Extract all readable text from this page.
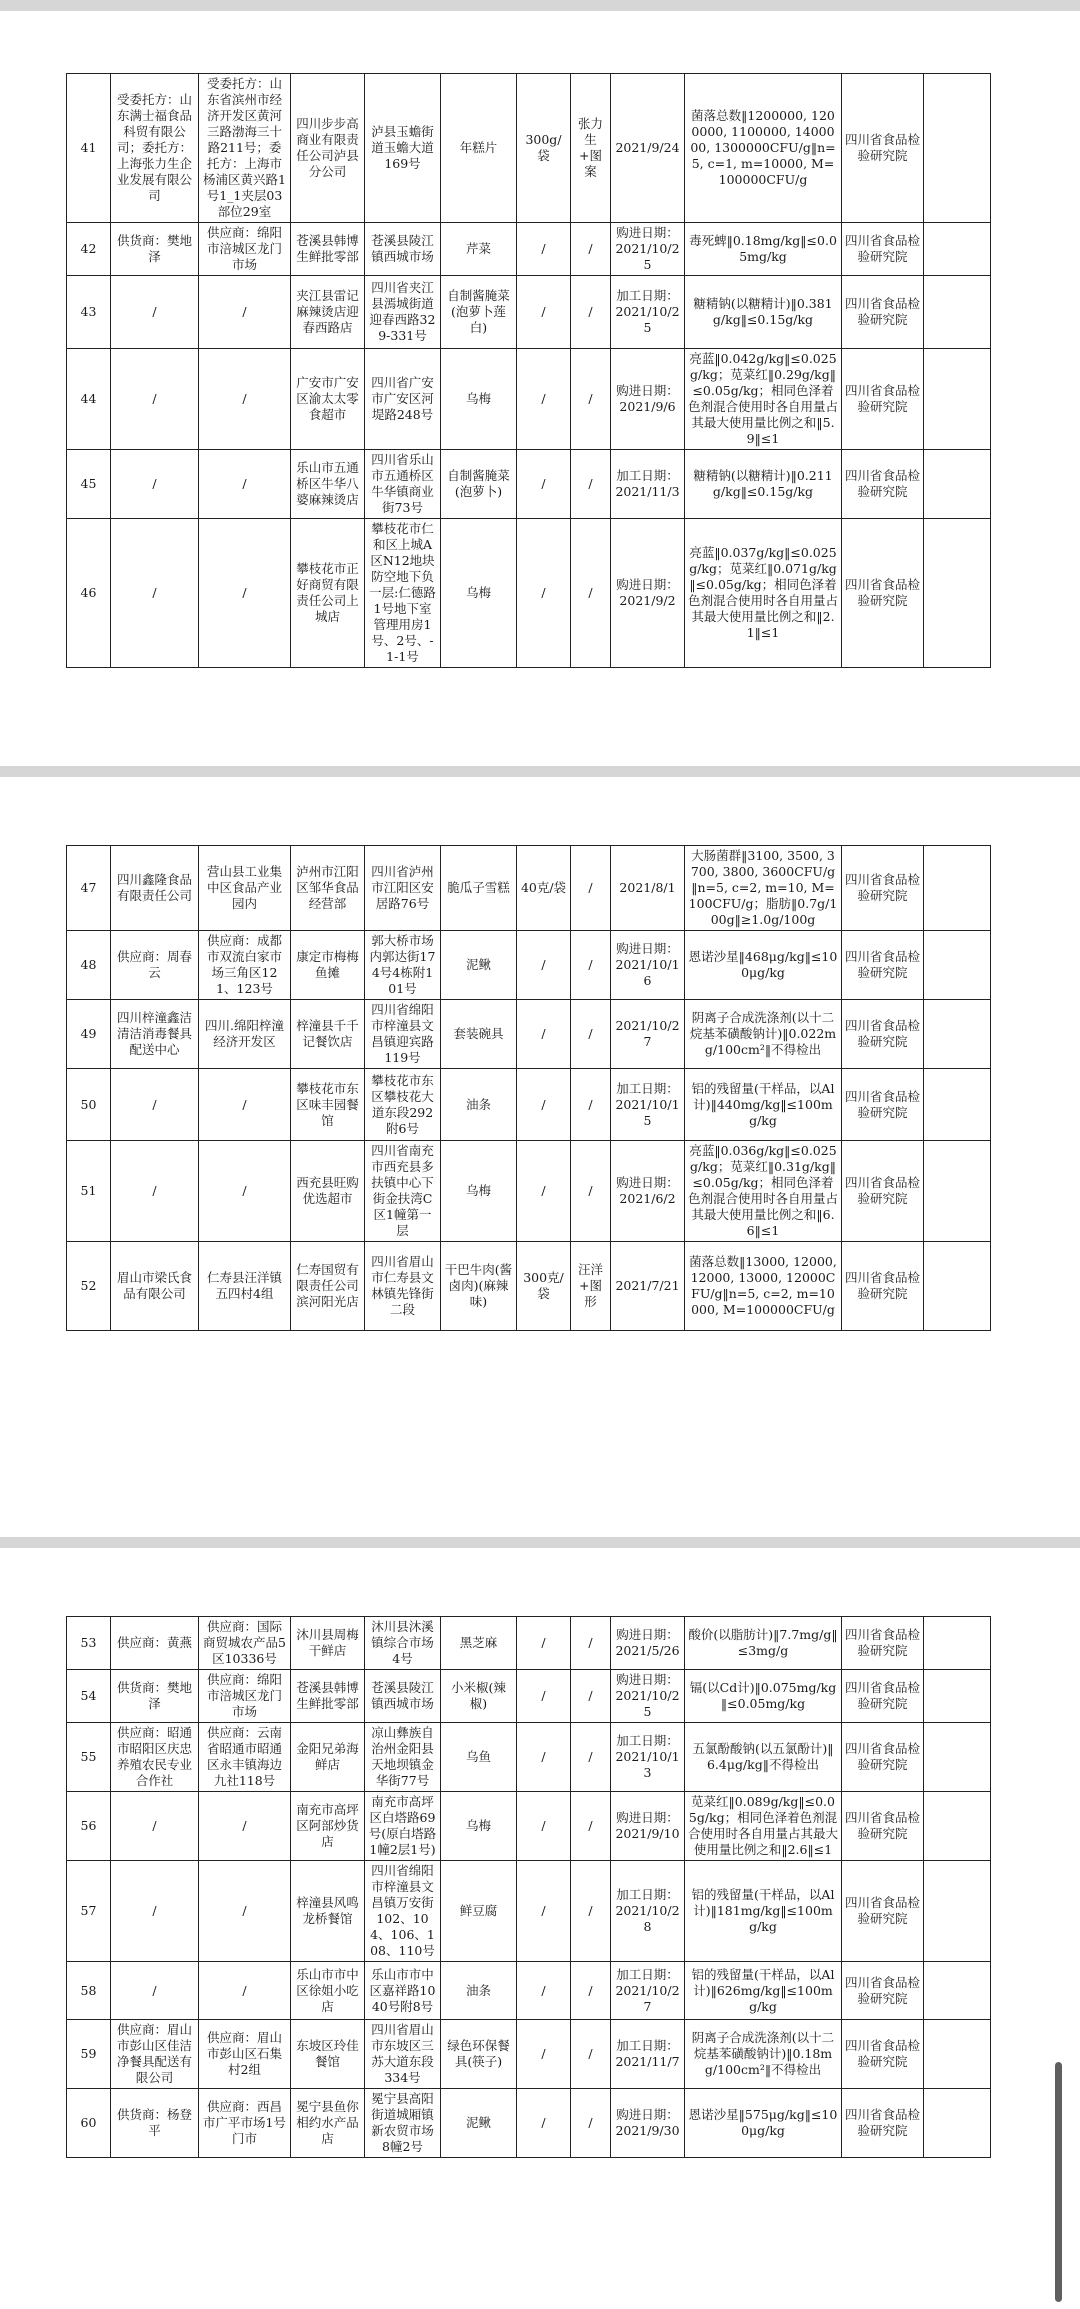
41	受委托方：山东满士福食品科贸有限公司；委托方：上海张力生企业发展有限公司	受委托方：山东省滨州市经济开发区黄河三路渤海三十路211号；委托方：上海市杨浦区黄兴路1号1_1夹层03部位29室	四川步步高商业有限责任公司泸县分公司	泸县玉蟾街道玉蟾大道169号	年糕片	300g/袋	张力生+图案	2021/9/24	菌落总数‖1200000, 1200000, 1100000, 1400000, 1300000CFU/g‖n=5, c=1, m=10000, M=100000CFU/g	四川省食品检验研究院	
42	供货商：樊地泽	供应商：绵阳市涪城区龙门市场	苍溪县韩博生鲜批零部	苍溪县陵江镇西城市场	芹菜	/	/	购进日期：2021/10/25	毒死蜱‖0.18mg/kg‖≤0.05mg/kg	四川省食品检验研究院	
43	/	/	夹江县雷记麻辣烫店迎春西路店	四川省夹江县漹城街道迎春西路329-331号	自制酱腌菜(泡萝卜莲白)	/	/	加工日期：2021/10/25	糖精钠(以糖精计)‖0.381g/kg‖≤0.15g/kg	四川省食品检验研究院	
44	/	/	广安市广安区渝太太零食超市	四川省广安市广安区河堤路248号	乌梅	/	/	购进日期：2021/9/6	亮蓝‖0.042g/kg‖≤0.025g/kg；苋菜红‖0.29g/kg‖≤0.05g/kg；相同色泽着色剂混合使用时各自用量占其最大使用量比例之和‖5.9‖≤1	四川省食品检验研究院	
45	/	/	乐山市五通桥区牛华八婆麻辣烫店	四川省乐山市五通桥区牛华镇商业街73号	自制酱腌菜(泡萝卜)	/	/	加工日期：2021/11/3	糖精钠(以糖精计)‖0.211g/kg‖≤0.15g/kg	四川省食品检验研究院	
46	/	/	攀枝花市正好商贸有限责任公司上城店	攀枝花市仁和区上城A区N12地块防空地下负一层:仁德路1号地下室管理用房1号、2号、-1-1号	乌梅	/	/	购进日期：2021/9/2	亮蓝‖0.037g/kg‖≤0.025g/kg；苋菜红‖0.071g/kg‖≤0.05g/kg；相同色泽着色剂混合使用时各自用量占其最大使用量比例之和‖2.1‖≤1	四川省食品检验研究院	
47	四川鑫隆食品有限责任公司	营山县工业集中区食品产业园内	泸州市江阳区邹华食品经营部	四川省泸州市江阳区安居路76号	脆瓜子雪糕	40克/袋	/	2021/8/1	大肠菌群‖3100, 3500, 3700, 3800, 3600CFU/g‖n=5, c=2, m=10, M=100CFU/g；脂肪‖0.7g/100g‖≥1.0g/100g	四川省食品检验研究院	
48	供应商：周春云	供应商：成都市双流白家市场三角区121、123号	康定市梅梅鱼摊	郭大桥市场内郭达街174号4栋附101号	泥鳅	/	/	购进日期：2021/10/16	恩诺沙星‖468μg/kg‖≤100μg/kg	四川省食品检验研究院	
49	四川梓潼鑫洁清洁消毒餐具配送中心	四川.绵阳梓潼经济开发区	梓潼县千千记餐饮店	四川省绵阳市梓潼县文昌镇迎宾路119号	套装碗具	/	/	2021/10/27	阴离子合成洗涤剂(以十二烷基苯磺酸钠计)‖0.022mg/100cm²‖不得检出	四川省食品检验研究院	
50	/	/	攀枝花市东区味丰园餐馆	攀枝花市东区攀枝花大道东段292附6号	油条	/	/	加工日期：2021/10/15	铝的残留量(干样品，以Al计)‖440mg/kg‖≤100mg/kg	四川省食品检验研究院	
51	/	/	西充县旺购优选超市	四川省南充市西充县多扶镇中心下街金扶湾C区1幢第一层	乌梅	/	/	购进日期：2021/6/2	亮蓝‖0.036g/kg‖≤0.025g/kg；苋菜红‖0.31g/kg‖≤0.05g/kg；相同色泽着色剂混合使用时各自用量占其最大使用量比例之和‖6.6‖≤1	四川省食品检验研究院	
52	眉山市梁氏食品有限公司	仁寿县汪洋镇五四村4组	仁寿国贸有限责任公司滨河阳光店	四川省眉山市仁寿县文林镇先锋街二段	干巴牛肉(酱卤肉)(麻辣味)	300克/袋	汪洋+图形	2021/7/21	菌落总数‖13000, 12000, 12000, 13000, 12000CFU/g‖n=5, c=2, m=10000, M=100000CFU/g	四川省食品检验研究院	
53	供应商：黄燕	供应商：国际商贸城农产品5区10336号	沐川县周梅干鲜店	沐川县沐溪镇综合市场4号	黑芝麻	/	/	购进日期：2021/5/26	酸价(以脂肪计)‖7.7mg/g‖≤3mg/g	四川省食品检验研究院	
54	供货商：樊地泽	供应商：绵阳市涪城区龙门市场	苍溪县韩博生鲜批零部	苍溪县陵江镇西城市场	小米椒(辣椒)	/	/	购进日期：2021/10/25	镉(以Cd计)‖0.075mg/kg‖≤0.05mg/kg	四川省食品检验研究院	
55	供应商：昭通市昭阳区庆忠养殖农民专业合作社	供应商：云南省昭通市昭通区永丰镇海边九社118号	金阳兄弟海鲜店	凉山彝族自治州金阳县天地坝镇金华街77号	乌鱼	/	/	加工日期：2021/10/13	五氯酚酸钠(以五氯酚计)‖6.4μg/kg‖不得检出	四川省食品检验研究院	
56	/	/	南充市高坪区阿部炒货店	南充市高坪区白塔路69号(原白塔路1幢2层1号)	乌梅	/	/	购进日期：2021/9/10	苋菜红‖0.089g/kg‖≤0.05g/kg；相同色泽着色剂混合使用时各自用量占其最大使用量比例之和‖2.6‖≤1	四川省食品检验研究院	
57	/	/	梓潼县风鸣龙桥餐馆	四川省绵阳市梓潼县文昌镇万安街102、104、106、108、110号	鲜豆腐	/	/	加工日期：2021/10/28	铝的残留量(干样品，以Al计)‖181mg/kg‖≤100mg/kg	四川省食品检验研究院	
58	/	/	乐山市市中区徐姐小吃店	乐山市市中区嘉祥路1040号附8号	油条	/	/	加工日期：2021/10/27	铝的残留量(干样品，以Al计)‖626mg/kg‖≤100mg/kg	四川省食品检验研究院	
59	供应商：眉山市彭山区佳洁净餐具配送有限公司	供应商：眉山市彭山区石集村2组	东坡区玲佳餐馆	四川省眉山市东坡区三苏大道东段334号	绿色环保餐具(筷子)	/	/	加工日期：2021/11/7	阴离子合成洗涤剂(以十二烷基苯磺酸钠计)‖0.18mg/100cm²‖不得检出	四川省食品检验研究院	
60	供货商：杨登平	供应商：西昌市广平市场1号门市	冕宁县鱼你相约水产品店	冕宁县高阳街道城厢镇新农贸市场8幢2号	泥鳅	/	/	购进日期：2021/9/30	恩诺沙星‖575μg/kg‖≤100μg/kg	四川省食品检验研究院	
